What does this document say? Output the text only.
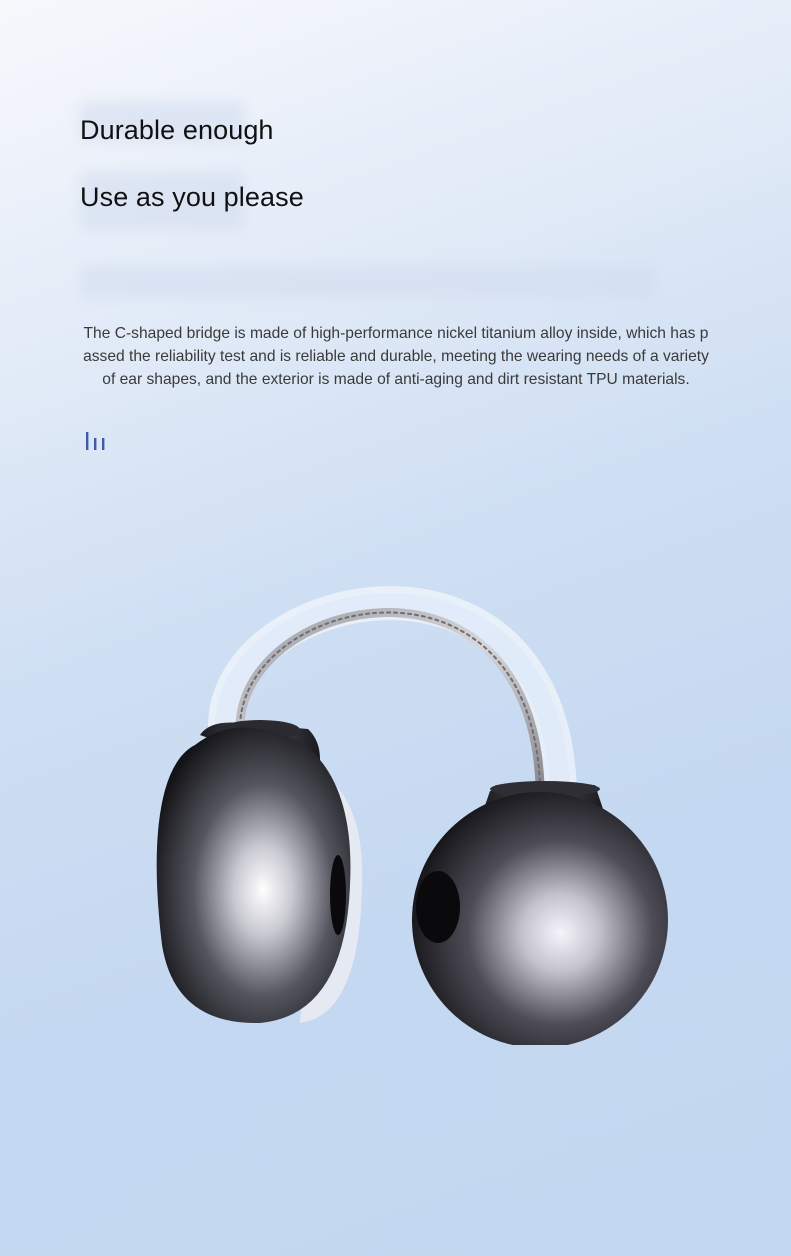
Durable enough
Use as you please

The C-shaped bridge is made of high-performance nickel titanium alloy inside, which has passed the reliability test and is reliable and durable, meeting the wearing needs of a variety of ear shapes, and the exterior is made of anti-aging and dirt resistant TPU materials.
